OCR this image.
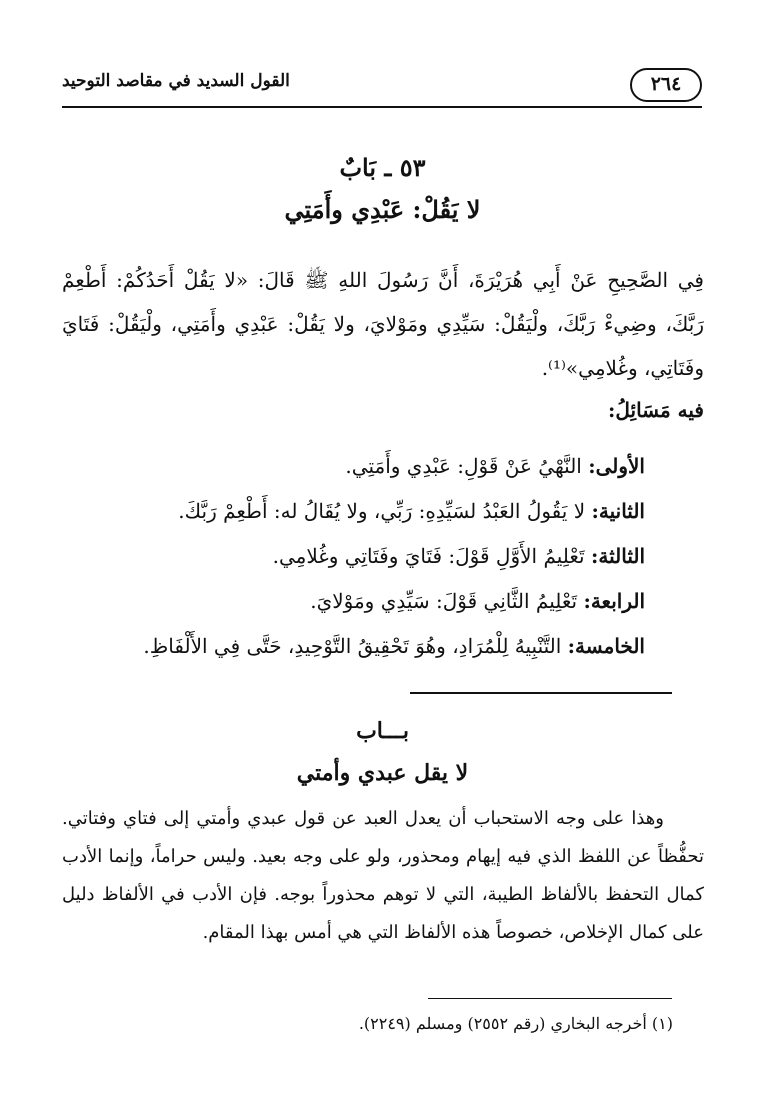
٢٦٤
القول السديد في مقاصد التوحيد
٥٣ ـ بَابٌ
لا يَقُلْ: عَبْدِي وأَمَتِي

فِي الصَّحِيحِ عَنْ أَبِي هُرَيْرَةَ، أَنَّ رَسُولَ اللهِ ﷺ قَالَ: «لا يَقُلْ أَحَدُكُمْ: أَطْعِمْ رَبَّكَ، وضِيءْ رَبَّكَ، ولْيَقُلْ: سَيِّدِي ومَوْلايَ، ولا يَقُلْ: عَبْدِي وأَمَتِي، ولْيَقُلْ: فَتَايَ وفَتَاتِي، وغُلامِي»⁽¹⁾.

فيه مَسَائِلُ:
الأولى: النَّهْيُ عَنْ قَوْلِ: عَبْدِي وأَمَتِي.
الثانية: لا يَقُولُ العَبْدُ لسَيِّدِهِ: رَبِّي، ولا يُقَالُ له: أَطْعِمْ رَبَّكَ.
الثالثة: تَعْلِيمُ الأَوَّلِ قَوْلَ: فَتَايَ وفَتَاتِي وغُلامِي.
الرابعة: تَعْلِيمُ الثَّانِي قَوْلَ: سَيِّدِي ومَوْلايَ.
الخامسة: التَّنْبِيهُ لِلْمُرَادِ، وهُوَ تَحْقِيقُ التَّوْحِيدِ، حَتَّى فِي الأَلْفَاظِ.
بـــاب
لا يقل عبدي وأمتي

وهذا على وجه الاستحباب أن يعدل العبد عن قول عبدي وأمتي إلى فتاي وفتاتي. تحفُّظاً عن اللفظ الذي فيه إيهام ومحذور، ولو على وجه بعيد. وليس حراماً، وإنما الأدب كمال التحفظ بالألفاظ الطيبة، التي لا توهم محذوراً بوجه. فإن الأدب في الألفاظ دليل على كمال الإخلاص، خصوصاً هذه الألفاظ التي هي أمس بهذا المقام.

(١) أخرجه البخاري (رقم ٢٥٥٢) ومسلم (٢٢٤٩).
